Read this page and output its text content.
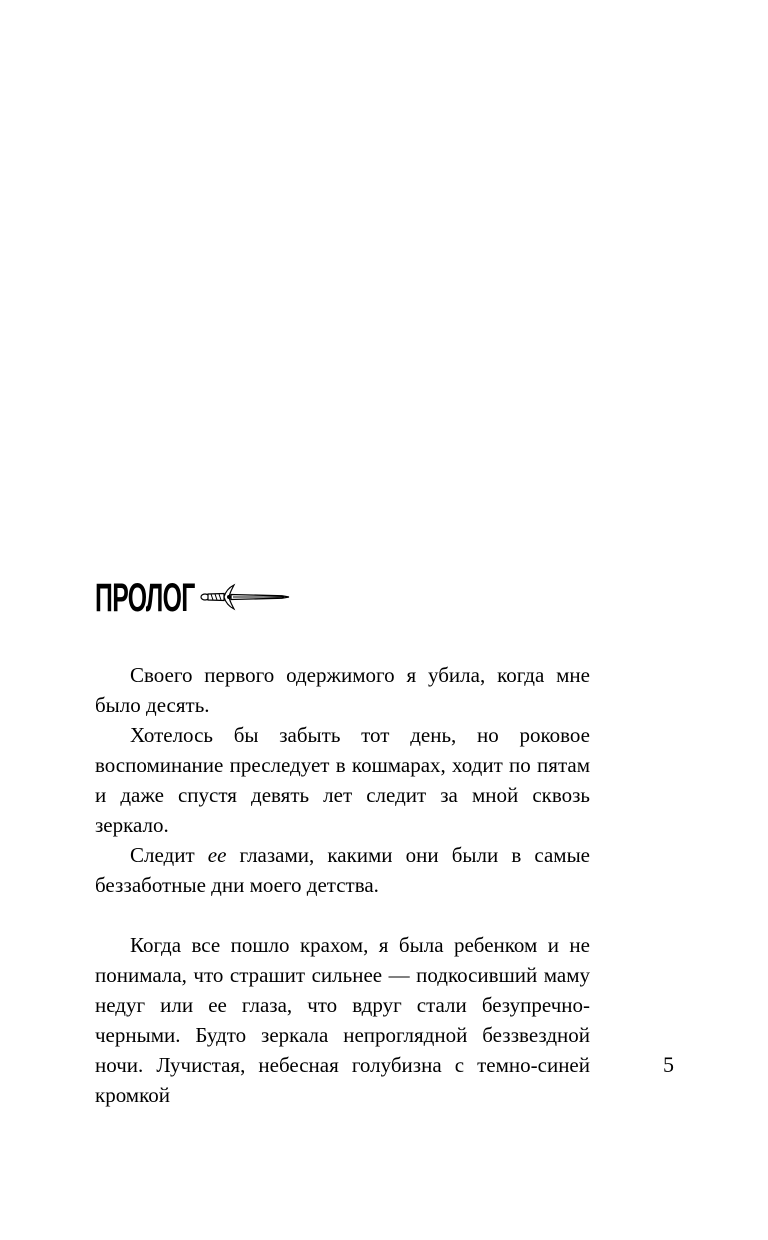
ПРОЛОГ

Своего первого одержимого я убила, когда мне было десять.

Хотелось бы забыть тот день, но роковое воспоминание преследует в кошмарах, ходит по пятам и даже спустя девять лет следит за мной сквозь зеркало.

Следит ее глазами, какими они были в самые беззаботные дни моего детства.

Когда все пошло крахом, я была ребенком и не понимала, что страшит сильнее — подкосивший маму недуг или ее глаза, что вдруг стали безупречно-черными. Будто зеркала непроглядной беззвездной ночи. Лучистая, небесная голубизна с темно-синей кромкой

5
